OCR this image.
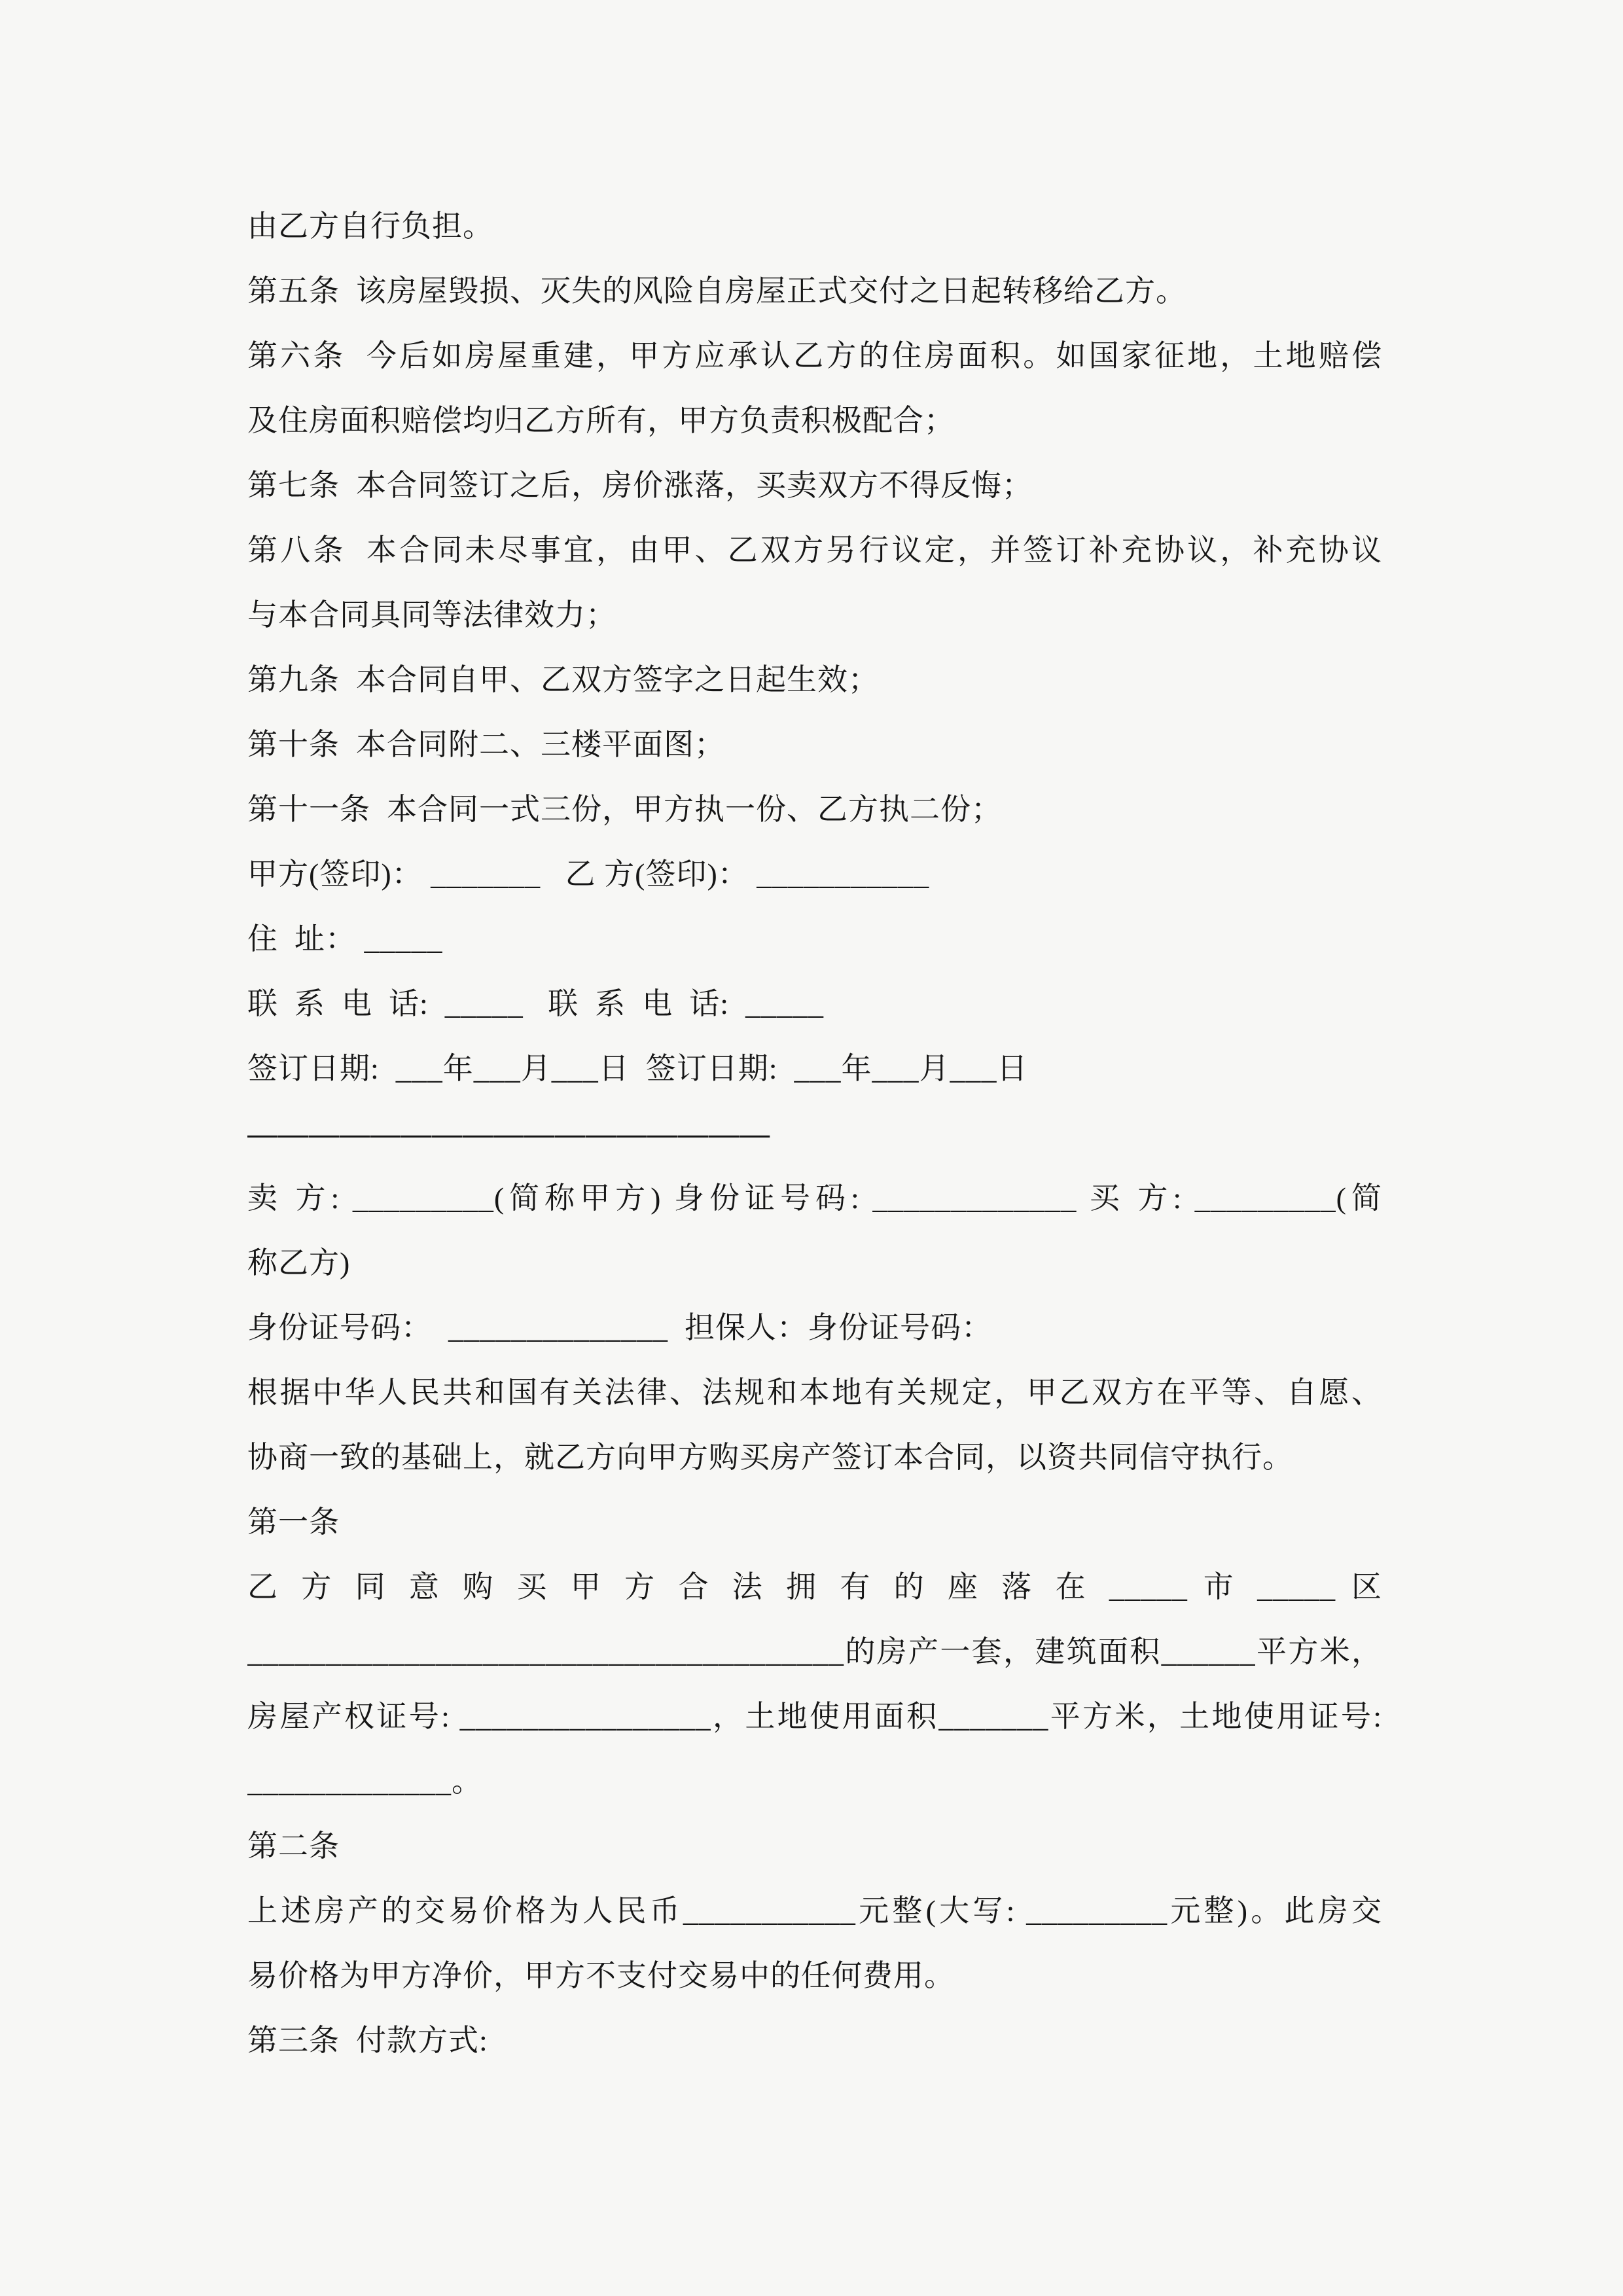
由乙方自行负担。
第五条  该房屋毁损、灭失的风险自房屋正式交付之日起转移给乙方。
第六条  今后如房屋重建，甲方应承认乙方的住房面积。如国家征地，土地赔偿
及住房面积赔偿均归乙方所有，甲方负责积极配合；
第七条  本合同签订之后，房价涨落，买卖双方不得反悔；
第八条  本合同未尽事宜，由甲、乙双方另行议定，并签订补充协议，补充协议
与本合同具同等法律效力；
第九条  本合同自甲、乙双方签字之日起生效；
第十条  本合同附二、三楼平面图；
第十一条  本合同一式三份，甲方执一份、乙方执二份；
甲方(签印)： _______   乙 方(签印)： ___________
住  址： _____
联  系  电  话:  _____   联  系  电  话:  _____
签订日期:  ___年___月___日  签订日期:  ___年___月___日
—————————————————
卖 方: _________(简称甲方) 身份证号码: _____________ 买 方: _________(简
称乙方)
身份证号码：  ______________  担保人：身份证号码：
根据中华人民共和国有关法律、法规和本地有关规定，甲乙双方在平等、自愿、
协商一致的基础上，就乙方向甲方购买房产签订本合同，以资共同信守执行。
第一条
乙 方 同 意 购 买 甲 方 合 法 拥 有 的 座 落 在 _____ 市 _____ 区
______________________________________的房产一套，建筑面积______平方米，
房屋产权证号: ________________，土地使用面积_______平方米，土地使用证号:
_____________。
第二条
上述房产的交易价格为人民币___________元整(大写: _________元整)。此房交
易价格为甲方净价，甲方不支付交易中的任何费用。
第三条  付款方式:
